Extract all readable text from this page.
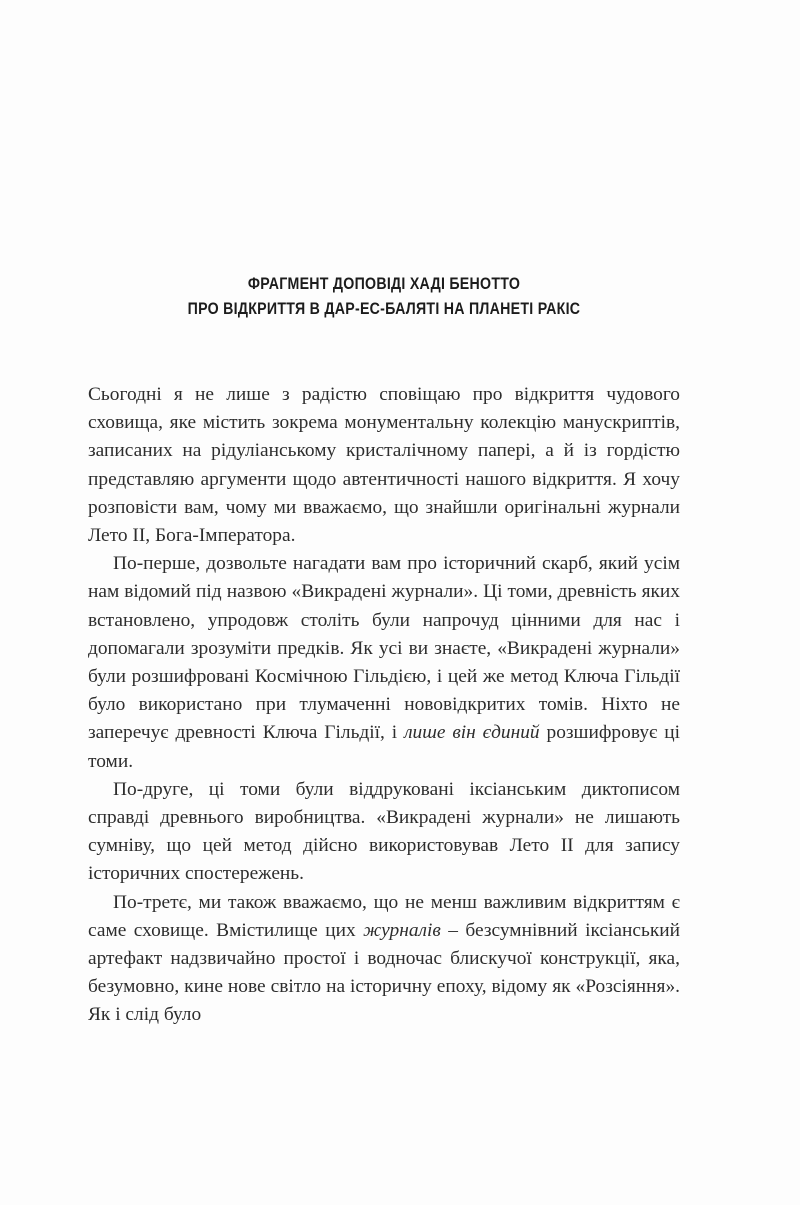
ФРАГМЕНТ ДОПОВІДІ ХАДІ БЕНОТТО
ПРО ВІДКРИТТЯ В ДАР-ЕС-БАЛЯТІ НА ПЛАНЕТІ РАКІС

Сьогодні я не лише з радістю сповіщаю про відкриття чудового сховища, яке містить зокрема монументальну колекцію манускриптів, записаних на рідуліанському кристалічному папері, а й із гордістю представляю аргументи щодо автентичності нашого відкриття. Я хочу розповісти вам, чому ми вважаємо, що знайшли оригінальні журнали Лето II, Бога-Імператора.

По-перше, дозвольте нагадати вам про історичний скарб, який усім нам відомий під назвою «Викрадені журнали». Ці томи, древність яких встановлено, упродовж століть були напрочуд цінними для нас і допомагали зрозуміти предків. Як усі ви знаєте, «Викрадені журнали» були розшифровані Космічною Гільдією, і цей же метод Ключа Гільдії було використано при тлумаченні нововідкритих томів. Ніхто не заперечує древності Ключа Гільдії, і лише він єдиний розшифровує ці томи.

По-друге, ці томи були віддруковані іксіанським диктописом справді древнього виробництва. «Викрадені журнали» не лишають сумніву, що цей метод дійсно використовував Лето II для запису історичних спостережень.

По-третє, ми також вважаємо, що не менш важливим відкриттям є саме сховище. Вмістилище цих журналів – безсумнівний іксіанський артефакт надзвичайно простої і водночас блискучої конструкції, яка, безумовно, кине нове світло на історичну епоху, відому як «Розсіяння». Як і слід було
